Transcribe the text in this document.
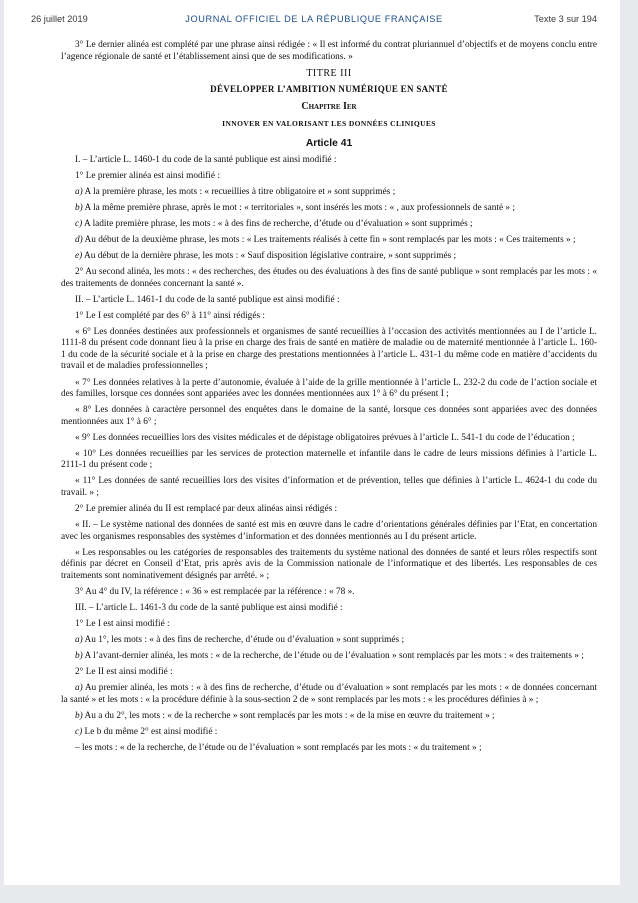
26 juillet 2019	JOURNAL OFFICIEL DE LA RÉPUBLIQUE FRANÇAISE	Texte 3 sur 194

3° Le dernier alinéa est complété par une phrase ainsi rédigée : « Il est informé du contrat pluriannuel d’objectifs et de moyens conclu entre l’agence régionale de santé et l’établissement ainsi que de ses modifications. »

TITRE III
DÉVELOPPER L’AMBITION NUMÉRIQUE EN SANTÉ
Chapitre Ier
INNOVER EN VALORISANT LES DONNÉES CLINIQUES
Article 41

I. – L’article L. 1460-1 du code de la santé publique est ainsi modifié :

1° Le premier alinéa est ainsi modifié :

a) A la première phrase, les mots : « recueillies à titre obligatoire et » sont supprimés ;

b) A la même première phrase, après le mot : « territoriales », sont insérés les mots : « , aux professionnels de santé » ;

c) A ladite première phrase, les mots : « à des fins de recherche, d’étude ou d’évaluation » sont supprimés ;

d) Au début de la deuxième phrase, les mots : « Les traitements réalisés à cette fin » sont remplacés par les mots : « Ces traitements » ;

e) Au début de la dernière phrase, les mots : « Sauf disposition législative contraire, » sont supprimés ;

2° Au second alinéa, les mots : « des recherches, des études ou des évaluations à des fins de santé publique » sont remplacés par les mots : « des traitements de données concernant la santé ».

II. – L’article L. 1461-1 du code de la santé publique est ainsi modifié :

1° Le I est complété par des 6° à 11° ainsi rédigés :

« 6° Les données destinées aux professionnels et organismes de santé recueillies à l’occasion des activités mentionnées au I de l’article L. 1111-8 du présent code donnant lieu à la prise en charge des frais de santé en matière de maladie ou de maternité mentionnée à l’article L. 160-1 du code de la sécurité sociale et à la prise en charge des prestations mentionnées à l’article L. 431-1 du même code en matière d’accidents du travail et de maladies professionnelles ;

« 7° Les données relatives à la perte d’autonomie, évaluée à l’aide de la grille mentionnée à l’article L. 232-2 du code de l’action sociale et des familles, lorsque ces données sont appariées avec les données mentionnées aux 1° à 6° du présent I ;

« 8° Les données à caractère personnel des enquêtes dans le domaine de la santé, lorsque ces données sont appariées avec des données mentionnées aux 1° à 6° ;

« 9° Les données recueillies lors des visites médicales et de dépistage obligatoires prévues à l’article L. 541-1 du code de l’éducation ;

« 10° Les données recueillies par les services de protection maternelle et infantile dans le cadre de leurs missions définies à l’article L. 2111-1 du présent code ;

« 11° Les données de santé recueillies lors des visites d’information et de prévention, telles que définies à l’article L. 4624-1 du code du travail. » ;

2° Le premier alinéa du II est remplacé par deux alinéas ainsi rédigés :

« II. – Le système national des données de santé est mis en œuvre dans le cadre d’orientations générales définies par l’Etat, en concertation avec les organismes responsables des systèmes d’information et des données mentionnés au I du présent article.

« Les responsables ou les catégories de responsables des traitements du système national des données de santé et leurs rôles respectifs sont définis par décret en Conseil d’Etat, pris après avis de la Commission nationale de l’informatique et des libertés. Les responsables de ces traitements sont nominativement désignés par arrêté. » ;

3° Au 4° du IV, la référence : « 36 » est remplacée par la référence : « 78 ».

III. – L’article L. 1461-3 du code de la santé publique est ainsi modifié :

1° Le I est ainsi modifié :

a) Au 1°, les mots : « à des fins de recherche, d’étude ou d’évaluation » sont supprimés ;

b) A l’avant-dernier alinéa, les mots : « de la recherche, de l’étude ou de l’évaluation » sont remplacés par les mots : « des traitements » ;

2° Le II est ainsi modifié :

a) Au premier alinéa, les mots : « à des fins de recherche, d’étude ou d’évaluation » sont remplacés par les mots : « de données concernant la santé » et les mots : « la procédure définie à la sous-section 2 de » sont remplacés par les mots : « les procédures définies à » ;

b) Au a du 2°, les mots : « de la recherche » sont remplacés par les mots : « de la mise en œuvre du traitement » ;

c) Le b du même 2° est ainsi modifié :

– les mots : « de la recherche, de l’étude ou de l’évaluation » sont remplacés par les mots : « du traitement » ;
